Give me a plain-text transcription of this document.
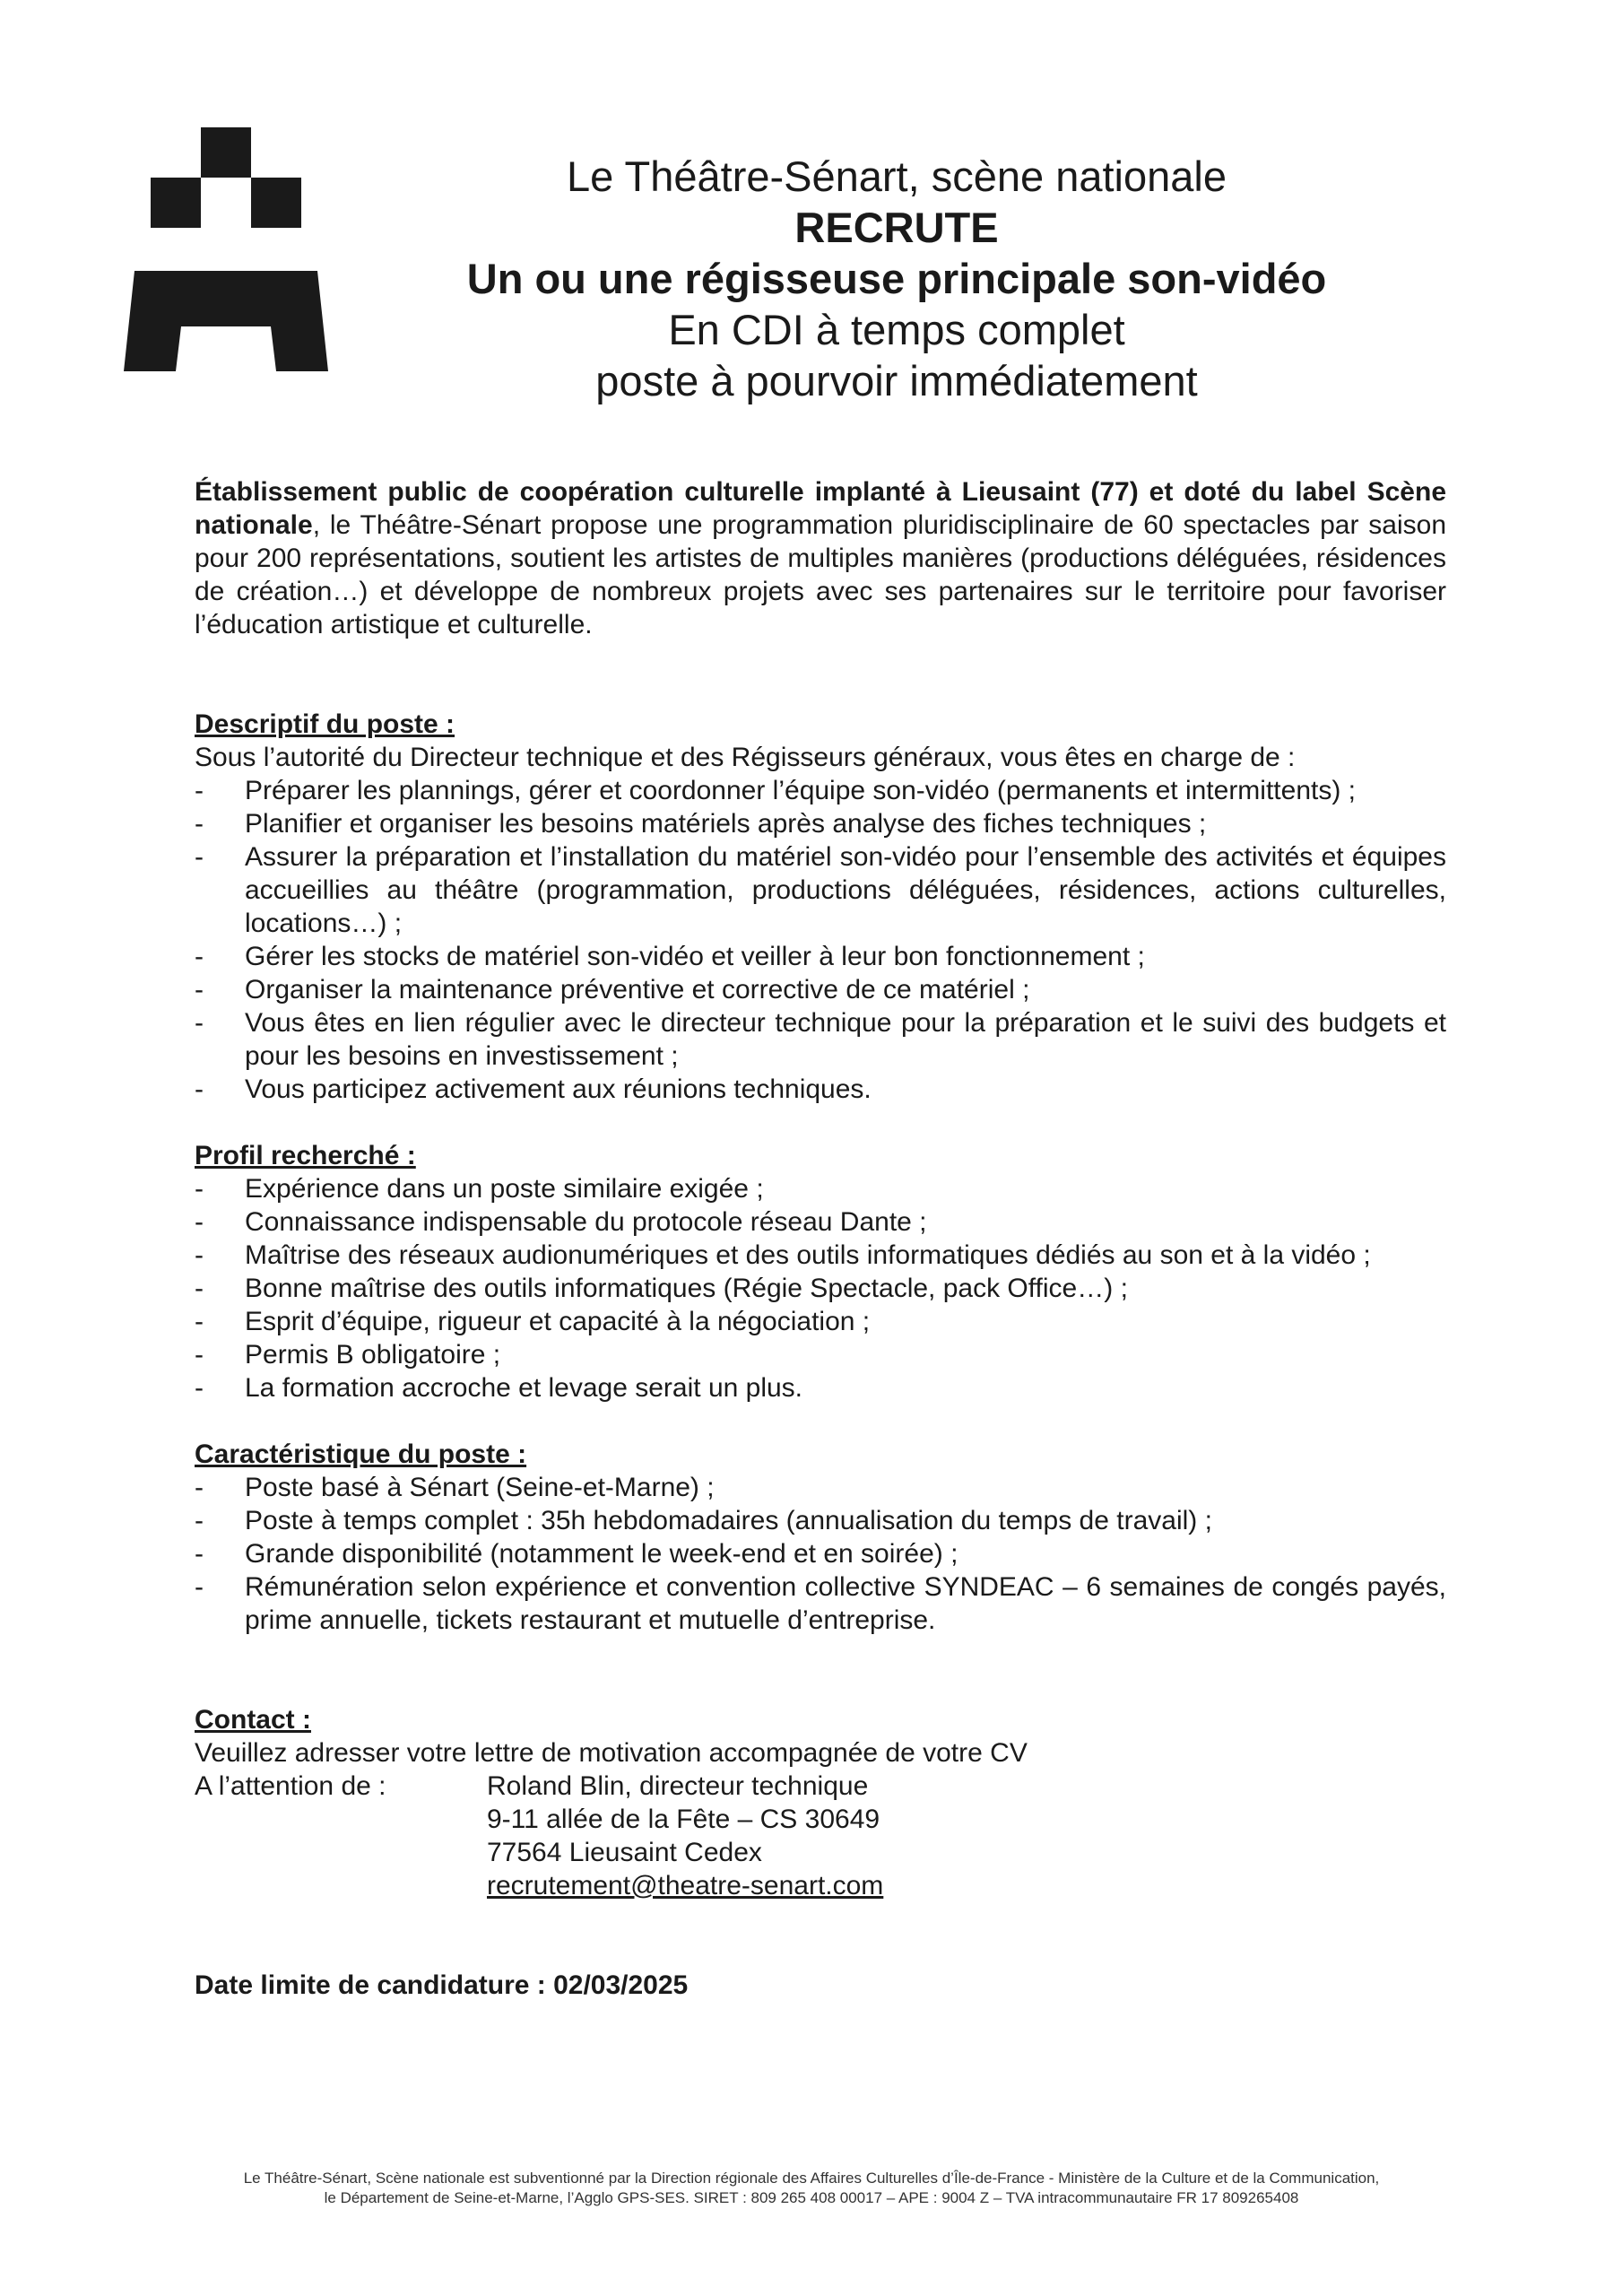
Le Théâtre-Sénart, scène nationale
RECRUTE
Un ou une régisseuse principale son-vidéo
En CDI à temps complet
poste à pourvoir immédiatement

Établissement public de coopération culturelle implanté à Lieusaint (77) et doté du label Scène nationale, le Théâtre-Sénart propose une programmation pluridisciplinaire de 60 spectacles par saison pour 200 représentations, soutient les artistes de multiples manières (productions déléguées, résidences de création…) et développe de nombreux projets avec ses partenaires sur le territoire pour favoriser l’éducation artistique et culturelle.

Descriptif du poste :
Sous l’autorité du Directeur technique et des Régisseurs généraux, vous êtes en charge de :
- Préparer les plannings, gérer et coordonner l’équipe son-vidéo (permanents et intermittents) ;
- Planifier et organiser les besoins matériels après analyse des fiches techniques ;
- Assurer la préparation et l’installation du matériel son-vidéo pour l’ensemble des activités et équipes accueillies au théâtre (programmation, productions déléguées, résidences, actions culturelles, locations…) ;
- Gérer les stocks de matériel son-vidéo et veiller à leur bon fonctionnement ;
- Organiser la maintenance préventive et corrective de ce matériel ;
- Vous êtes en lien régulier avec le directeur technique pour la préparation et le suivi des budgets et pour les besoins en investissement ;
- Vous participez activement aux réunions techniques.
Profil recherché :
- Expérience dans un poste similaire exigée ;
- Connaissance indispensable du protocole réseau Dante ;
- Maîtrise des réseaux audionumériques et des outils informatiques dédiés au son et à la vidéo ;
- Bonne maîtrise des outils informatiques (Régie Spectacle, pack Office…) ;
- Esprit d’équipe, rigueur et capacité à la négociation ;
- Permis B obligatoire ;
- La formation accroche et levage serait un plus.
Caractéristique du poste :
- Poste basé à Sénart (Seine-et-Marne) ;
- Poste à temps complet : 35h hebdomadaires (annualisation du temps de travail) ;
- Grande disponibilité (notamment le week-end et en soirée) ;
- Rémunération selon expérience et convention collective SYNDEAC – 6 semaines de congés payés, prime annuelle, tickets restaurant et mutuelle d’entreprise.
Contact :
Veuillez adresser votre lettre de motivation accompagnée de votre CV
A l’attention de :	Roland Blin, directeur technique
9-11 allée de la Fête – CS 30649
77564 Lieusaint Cedex
recrutement@theatre-senart.com
Date limite de candidature : 02/03/2025
Le Théâtre-Sénart, Scène nationale est subventionné par la Direction régionale des Affaires Culturelles d’Île-de-France - Ministère de la Culture et de la Communication,
le Département de Seine-et-Marne, l’Agglo GPS-SES. SIRET : 809 265 408 00017 – APE : 9004 Z – TVA intracommunautaire FR 17 809265408
